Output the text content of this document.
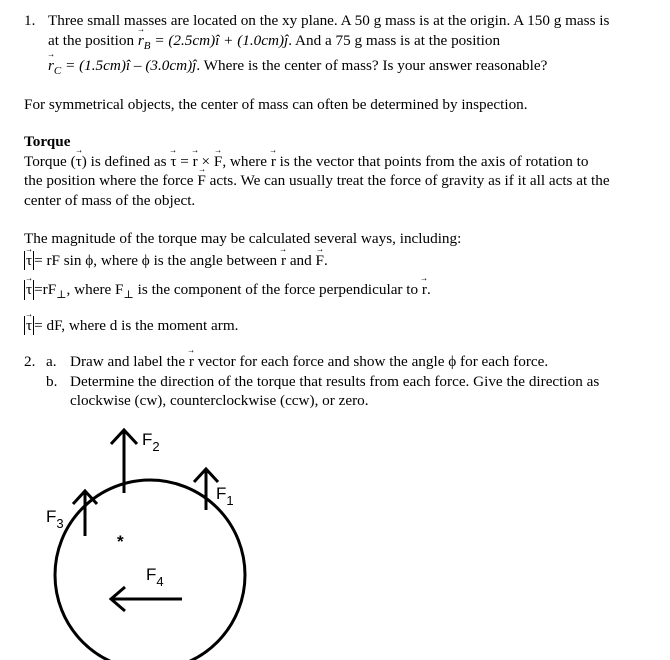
1. Three small masses are located on the xy plane. A 50 g mass is at the origin. A 150 g mass is
at the position → $r_B$ = (2.5cm)î + (1.0cm)ĵ. And a 75 g mass is at the position
→ $r_C$ = (1.5cm)î – (3.0cm)ĵ. Where is the center of mass? Is your answer reasonable?
For symmetrical objects, the center of mass can often be determined by inspection.
Torque
Torque (→ τ) is defined as → τ = → r × → F, where → r is the vector that points from the axis of rotation to
the position where the force → F acts. We can usually treat the force of gravity as if it all acts at the
center of mass of the object.
The magnitude of the torque may be calculated several ways, including:
→ τ = rF sin ϕ, where ϕ is the angle between → r and → F.
→ $\tau =rF_\perp$, where $F_\perp$ is the component of the force perpendicular to → r.
→ τ = dF, where d is the moment arm.
2. a. Draw and label the → r vector for each force and show the angle ϕ for each force.
b. Determine the direction of the torque that results from each force. Give the direction as
clockwise (cw), counterclockwise (ccw), or zero.
$F_2$
$F_1$
$F_3$
$F_4$
*
